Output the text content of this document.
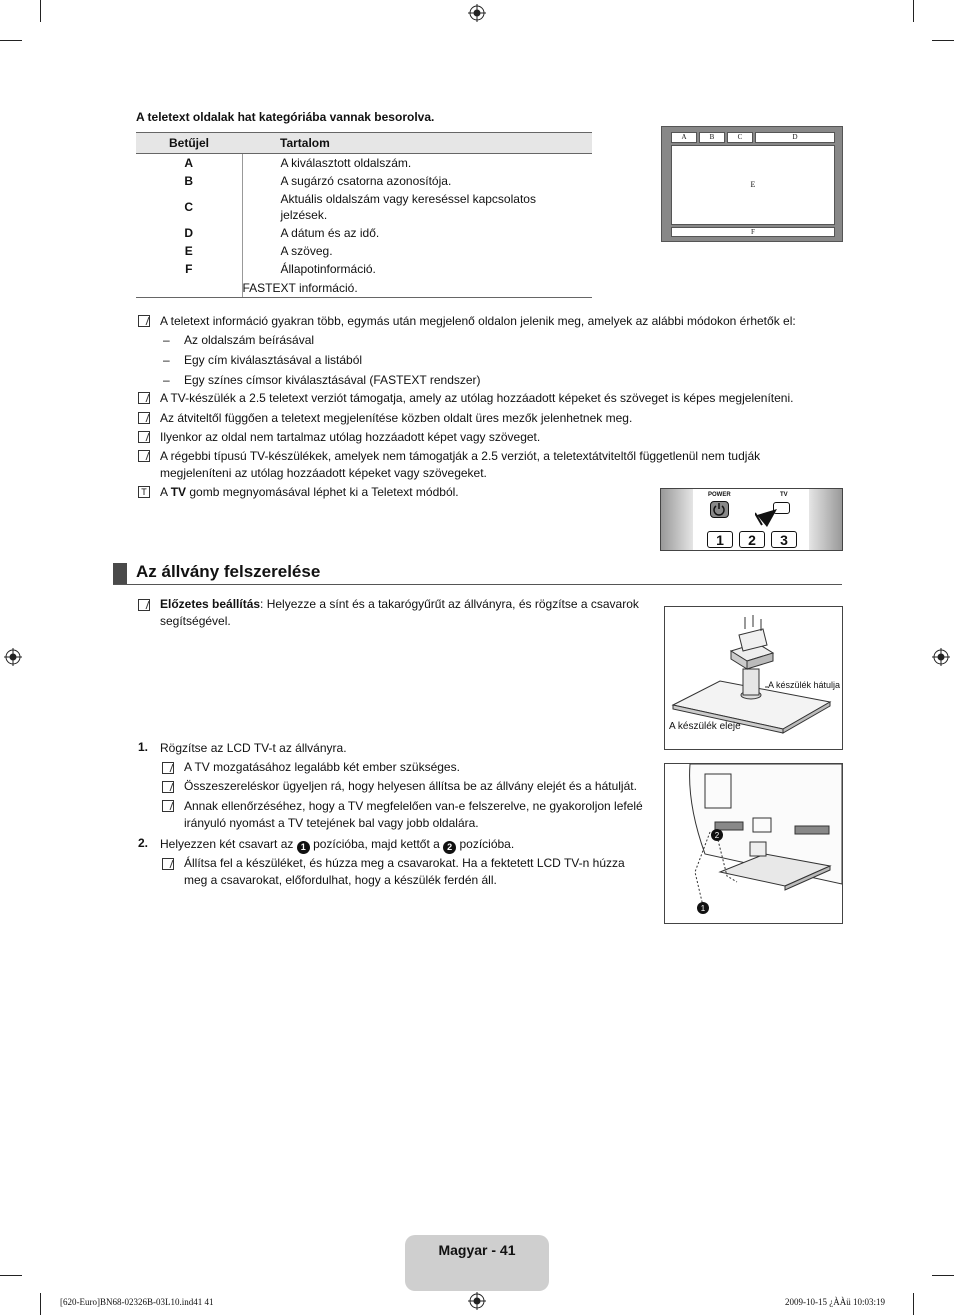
A teletext oldalak hat kategóriába vannak besorolva.
Betűjel	Tartalom
A	A kiválasztott oldalszám.

B	A sugárzó csatorna azonosítója.

C	Aktuális oldalszám vagy kereséssel kapcsolatos
jelzések.

D	A dátum és az idő.

E	A szöveg.

F	Állapotinformáció.

	FASTEXT információ.
A	B	C	D
E
F
A teletext információ gyakran több, egymás után megjelenő oldalon jelenik meg, amelyek az alábbi módokon érhetők el:
– Az oldalszám beírásával
– Egy cím kiválasztásával a listából
– Egy színes címsor kiválasztásával (FASTEXT rendszer)
A TV-készülék a 2.5 teletext verziót támogatja, amely az utólag hozzáadott képeket és szöveget is képes megjeleníteni.
Az átviteltől függően a teletext megjelenítése közben oldalt üres mezők jelenhetnek meg.
Ilyenkor az oldal nem tartalmaz utólag hozzáadott képet vagy szöveget.
A régebbi típusú TV-készülékek, amelyek nem támogatják a 2.5 verziót, a teletextátviteltől függetlenül nem tudják
megjeleníteni az utólag hozzáadott képeket vagy szövegeket.
T A TV gomb megnyomásával léphet ki a Teletext módból.	POWER	TV
1	2	3
Az állvány felszerelése
Előzetes beállítás: Helyezze a sínt és a takarógyűrűt az állványra, és rögzítse a csavarok
segítségével.
A készülék hátulja
A készülék eleje
1. Rögzítse az LCD TV-t az állványra.
A TV mozgatásához legalább két ember szükséges.
Összeszereléskor ügyeljen rá, hogy helyesen állítsa be az állvány elejét és a hátulját.
Annak ellenőrzéséhez, hogy a TV megfelelően van-e felszerelve, ne gyakoroljon lefelé
irányuló nyomást a TV tetejének bal vagy jobb oldalára.
2. Helyezzen két csavart az 1 pozícióba, majd kettőt a 2 pozícióba.
Állítsa fel a készüléket, és húzza meg a csavarokat. Ha a fektetett LCD TV-n húzza
meg a csavarokat, előfordulhat, hogy a készülék ferdén áll.
2
1
Magyar - 41
[620-Euro]BN68-02326B-03L10.ind41 41	2009-10-15 ¿ÀÀü 10:03:19
